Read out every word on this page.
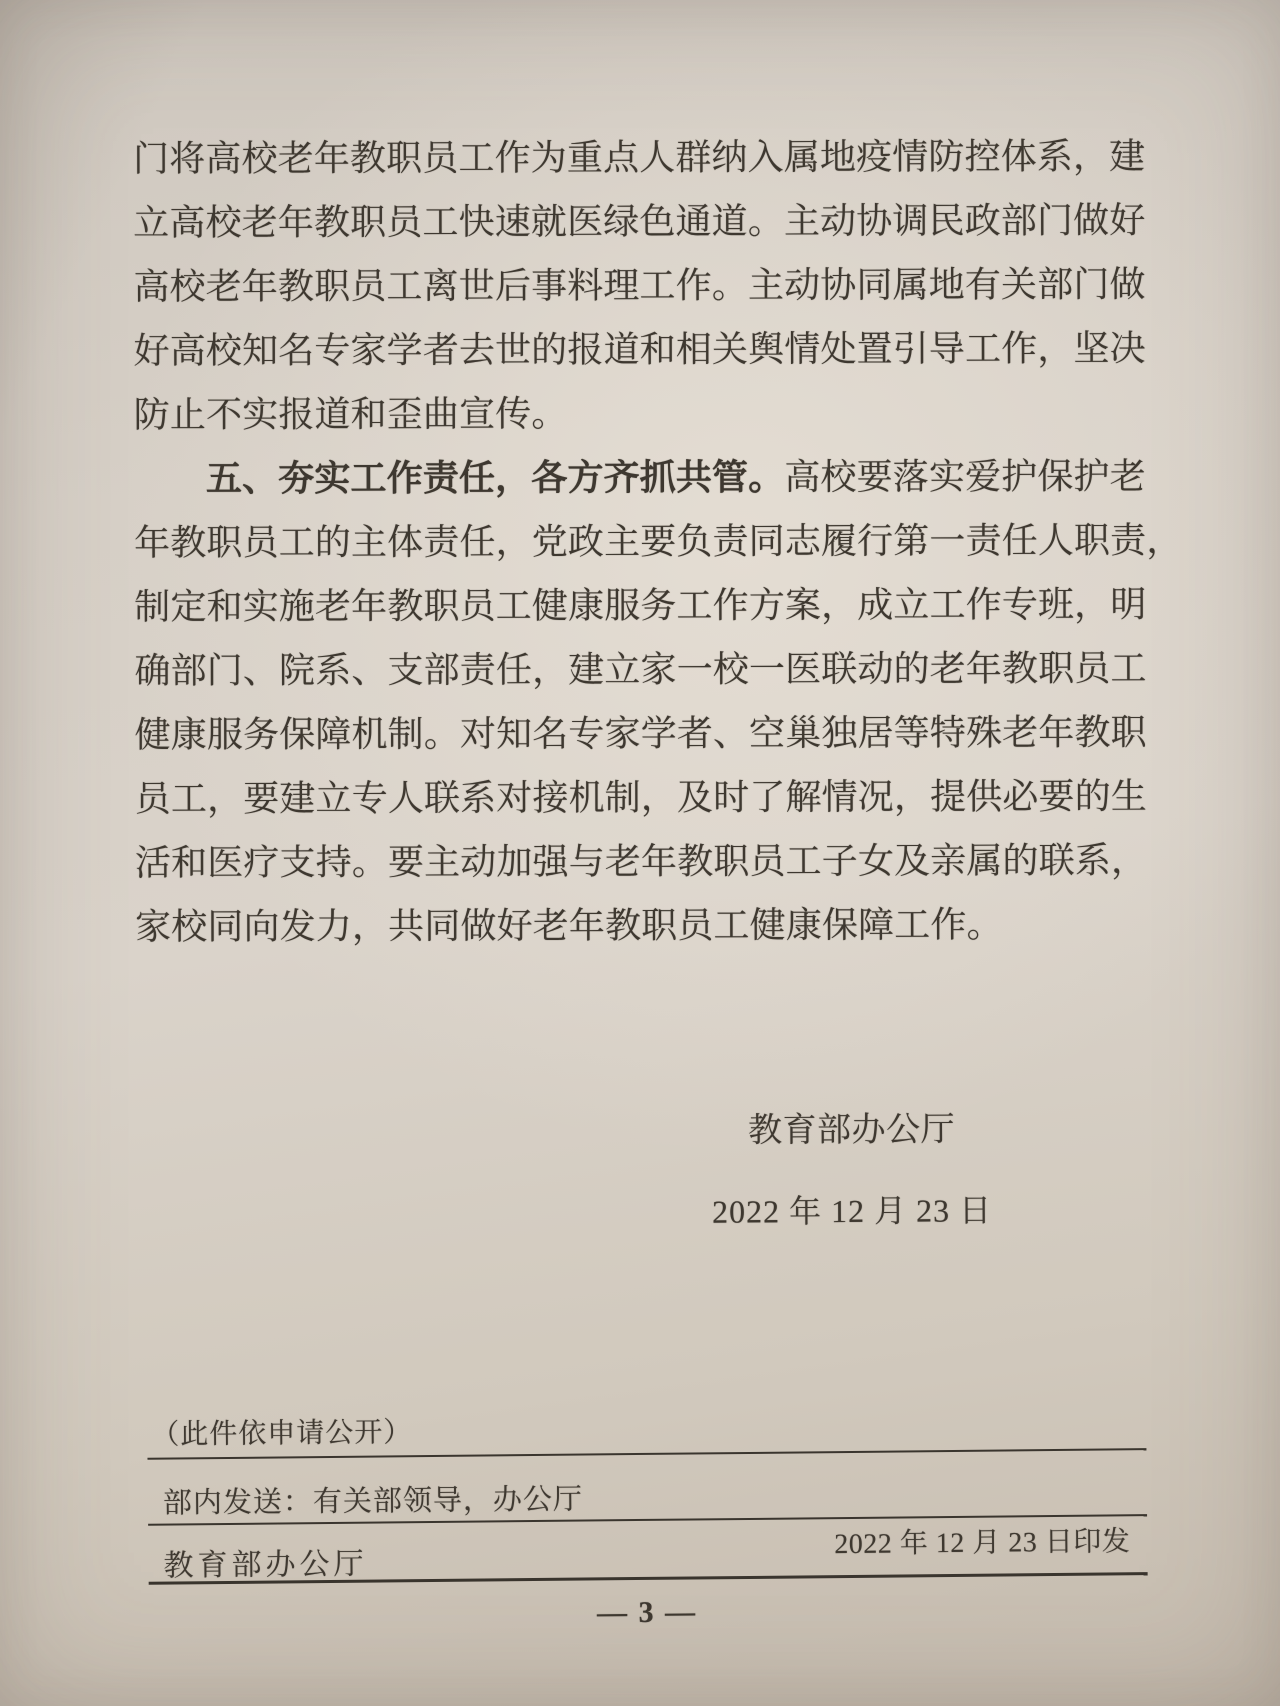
门将高校老年教职员工作为重点人群纳入属地疫情防控体系，建
立高校老年教职员工快速就医绿色通道。主动协调民政部门做好
高校老年教职员工离世后事料理工作。主动协同属地有关部门做
好高校知名专家学者去世的报道和相关舆情处置引导工作，坚决
防止不实报道和歪曲宣传。
五、夯实工作责任，各方齐抓共管。高校要落实爱护保护老
年教职员工的主体责任，党政主要负责同志履行第一责任人职责，
制定和实施老年教职员工健康服务工作方案，成立工作专班，明
确部门、院系、支部责任，建立家一校一医联动的老年教职员工
健康服务保障机制。对知名专家学者、空巢独居等特殊老年教职
员工，要建立专人联系对接机制，及时了解情况，提供必要的生
活和医疗支持。要主动加强与老年教职员工子女及亲属的联系，
家校同向发力，共同做好老年教职员工健康保障工作。
教育部办公厅
2022 年 12 月 23 日
（此件依申请公开）
部内发送：有关部领导，办公厅
教育部办公厅
2022 年 12 月 23 日印发
— 3 —
